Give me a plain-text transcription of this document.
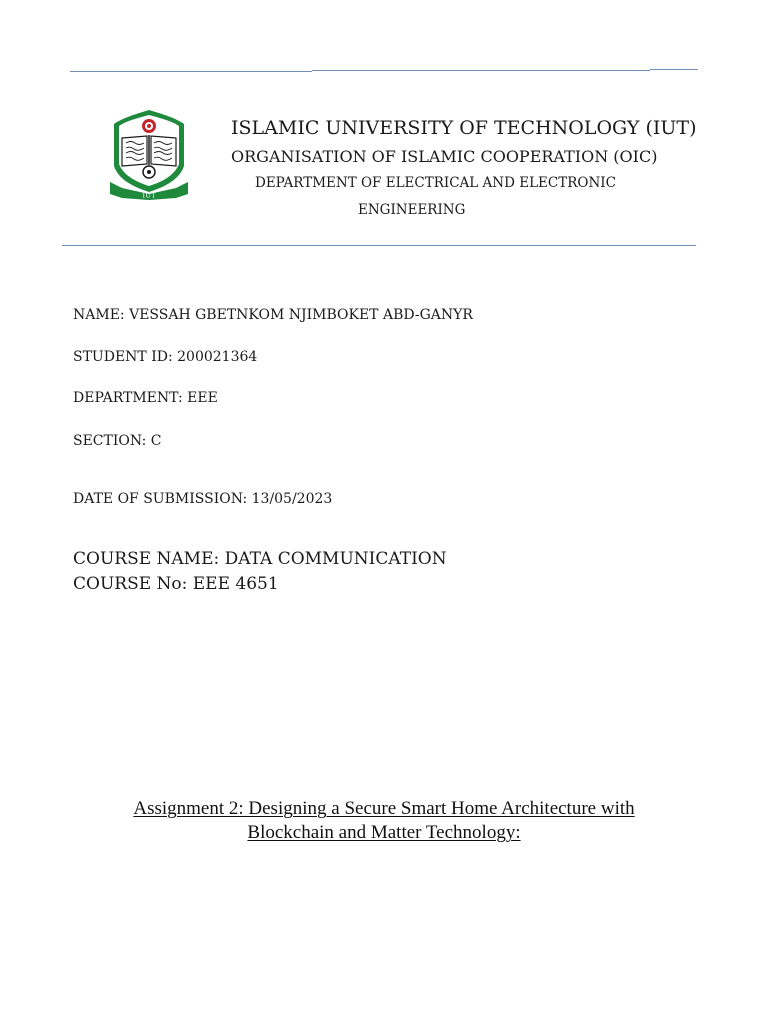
IUT
ISLAMIC UNIVERSITY OF TECHNOLOGY (IUT)
ORGANISATION OF ISLAMIC COOPERATION (OIC)
DEPARTMENT OF ELECTRICAL AND ELECTRONIC
ENGINEERING
NAME: VESSAH GBETNKOM NJIMBOKET ABD-GANYR
STUDENT ID: 200021364
DEPARTMENT: EEE
SECTION: C
DATE OF SUBMISSION: 13/05/2023
COURSE NAME: DATA COMMUNICATION
COURSE No: EEE 4651
Assignment 2: Designing a Secure Smart Home Architecture with
Blockchain and Matter Technology:
